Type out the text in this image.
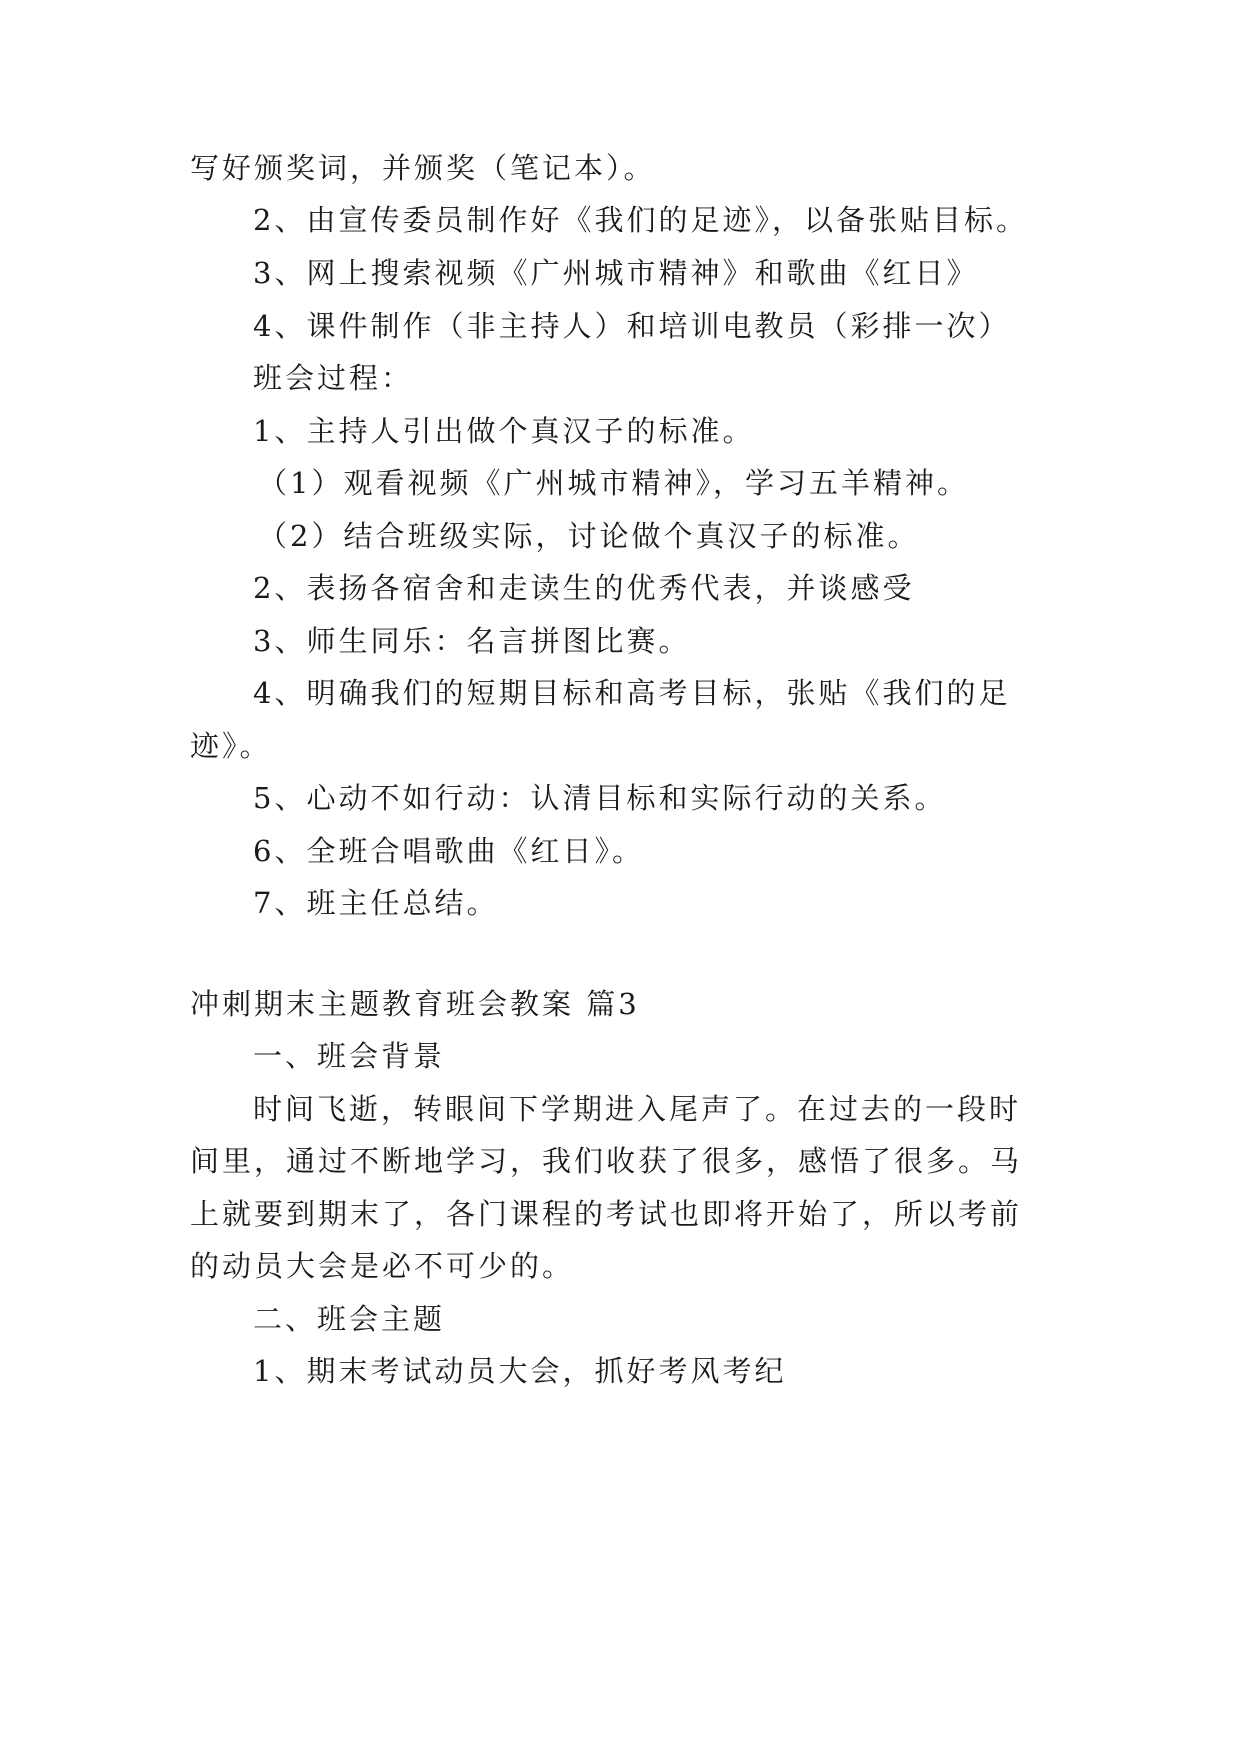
写好颁奖词，并颁奖（笔记本）。
2、由宣传委员制作好《我们的足迹》，以备张贴目标。
3、网上搜索视频《广州城市精神》和歌曲《红日》
4、课件制作（非主持人）和培训电教员（彩排一次）
班会过程：
1、主持人引出做个真汉子的标准。
（1）观看视频《广州城市精神》，学习五羊精神。
（2）结合班级实际，讨论做个真汉子的标准。
2、表扬各宿舍和走读生的优秀代表，并谈感受
3、师生同乐：名言拼图比赛。
4、明确我们的短期目标和高考目标，张贴《我们的足
迹》。
5、心动不如行动：认清目标和实际行动的关系。
6、全班合唱歌曲《红日》。
7、班主任总结。
冲刺期末主题教育班会教案 篇3
一、班会背景
时间飞逝，转眼间下学期进入尾声了。在过去的一段时
间里，通过不断地学习，我们收获了很多，感悟了很多。马
上就要到期末了，各门课程的考试也即将开始了，所以考前
的动员大会是必不可少的。
二、班会主题
1、期末考试动员大会，抓好考风考纪
